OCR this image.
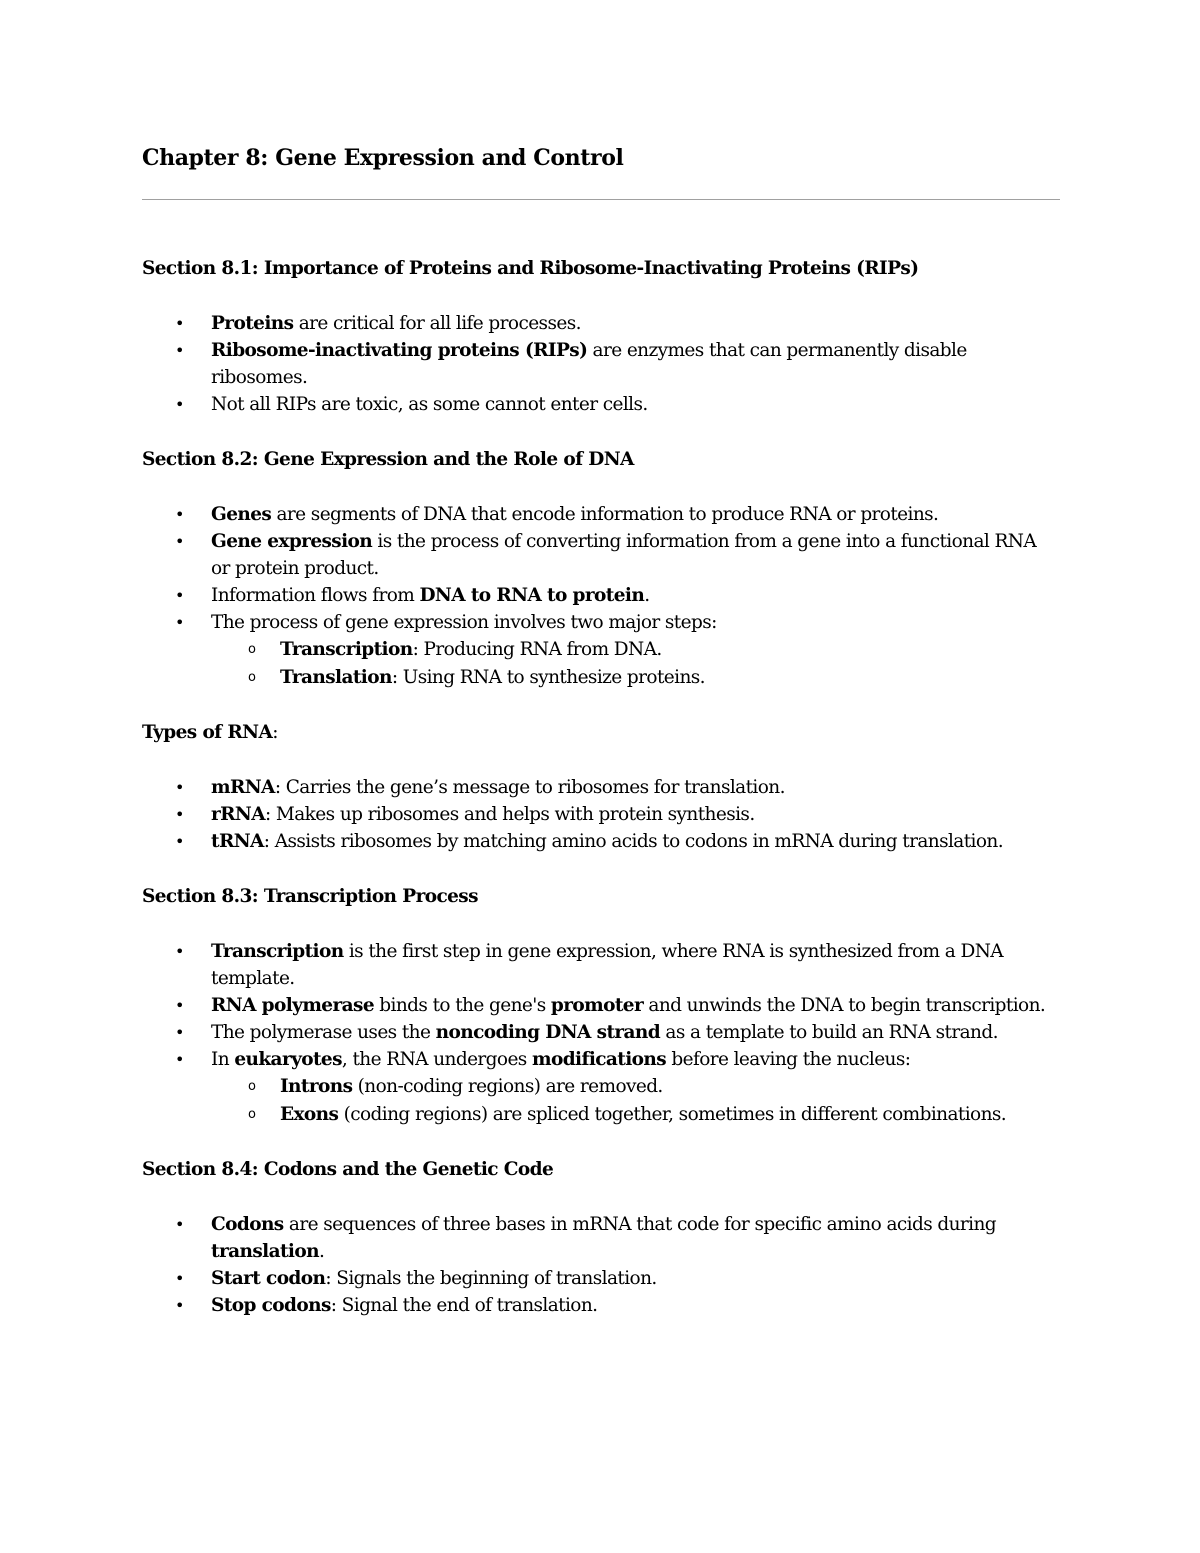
Chapter 8: Gene Expression and Control
Section 8.1: Importance of Proteins and Ribosome-Inactivating Proteins (RIPs)
• Proteins are critical for all life processes.
• Ribosome-inactivating proteins (RIPs) are enzymes that can permanently disable ribosomes.
• Not all RIPs are toxic, as some cannot enter cells.
Section 8.2: Gene Expression and the Role of DNA
• Genes are segments of DNA that encode information to produce RNA or proteins.
• Gene expression is the process of converting information from a gene into a functional RNA or protein product.
• Information flows from DNA to RNA to protein.
• The process of gene expression involves two major steps:
o Transcription: Producing RNA from DNA.
o Translation: Using RNA to synthesize proteins.
Types of RNA:
• mRNA: Carries the gene’s message to ribosomes for translation.
• rRNA: Makes up ribosomes and helps with protein synthesis.
• tRNA: Assists ribosomes by matching amino acids to codons in mRNA during translation.
Section 8.3: Transcription Process
• Transcription is the first step in gene expression, where RNA is synthesized from a DNA template.
• RNA polymerase binds to the gene's promoter and unwinds the DNA to begin transcription.
• The polymerase uses the noncoding DNA strand as a template to build an RNA strand.
• In eukaryotes, the RNA undergoes modifications before leaving the nucleus:
o Introns (non-coding regions) are removed.
o Exons (coding regions) are spliced together, sometimes in different combinations.
Section 8.4: Codons and the Genetic Code
• Codons are sequences of three bases in mRNA that code for specific amino acids during translation.
• Start codon: Signals the beginning of translation.
• Stop codons: Signal the end of translation.
